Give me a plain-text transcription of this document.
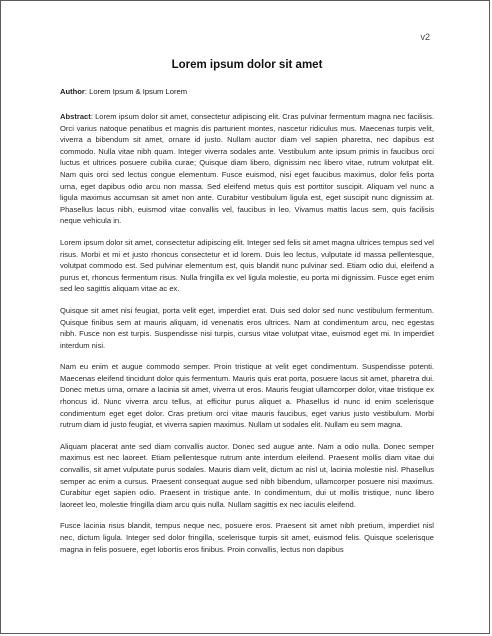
v2
Lorem ipsum dolor sit amet
Author: Lorem Ipsum & Ipsum Lorem

Abstract: Lorem ipsum dolor sit amet, consectetur adipiscing elit. Cras pulvinar fermentum magna nec facilisis. Orci varius natoque penatibus et magnis dis parturient montes, nascetur ridiculus mus. Maecenas turpis velit, viverra a bibendum sit amet, ornare id justo. Nullam auctor diam vel sapien pharetra, nec dapibus est commodo. Nulla vitae nibh quam. Integer viverra sodales ante. Vestibulum ante ipsum primis in faucibus orci luctus et ultrices posuere cubilia curae; Quisque diam libero, dignissim nec libero vitae, rutrum volutpat elit. Nam quis orci sed lectus congue elementum. Fusce euismod, nisi eget faucibus maximus, dolor felis porta urna, eget dapibus odio arcu non massa. Sed eleifend metus quis est porttitor suscipit. Aliquam vel nunc a ligula maximus accumsan sit amet non ante. Curabitur vestibulum ligula est, eget suscipit nunc dignissim at. Phasellus lacus nibh, euismod vitae convallis vel, faucibus in leo. Vivamus mattis lacus sem, quis facilisis neque vehicula in.

Lorem ipsum dolor sit amet, consectetur adipiscing elit. Integer sed felis sit amet magna ultrices tempus sed vel risus. Morbi et mi et justo rhoncus consectetur et id lorem. Duis leo lectus, vulputate id massa pellentesque, volutpat commodo est. Sed pulvinar elementum est, quis blandit nunc pulvinar sed. Etiam odio dui, eleifend a purus et, rhoncus fermentum risus. Nulla fringilla ex vel ligula molestie, eu porta mi dignissim. Fusce eget enim sed leo sagittis aliquam vitae ac ex.

Quisque sit amet nisi feugiat, porta velit eget, imperdiet erat. Duis sed dolor sed nunc vestibulum fermentum. Quisque finibus sem at mauris aliquam, id venenatis eros ultrices. Nam at condimentum arcu, nec egestas nibh. Fusce non est turpis. Suspendisse nisi turpis, cursus vitae volutpat vitae, euismod eget mi. In imperdiet interdum nisi.

Nam eu enim et augue commodo semper. Proin tristique at velit eget condimentum. Suspendisse potenti. Maecenas eleifend tincidunt dolor quis fermentum. Mauris quis erat porta, posuere lacus sit amet, pharetra dui. Donec metus urna, ornare a lacinia sit amet, viverra ut eros. Mauris feugiat ullamcorper dolor, vitae tristique ex rhoncus id. Nunc viverra arcu tellus, at efficitur purus aliquet a. Phasellus id nunc id enim scelerisque condimentum eget eget dolor. Cras pretium orci vitae mauris faucibus, eget varius justo vestibulum. Morbi rutrum diam id justo feugiat, et viverra sapien maximus. Nullam ut sodales elit. Nullam eu sem magna.

Aliquam placerat ante sed diam convallis auctor. Donec sed augue ante. Nam a odio nulla. Donec semper maximus est nec laoreet. Etiam pellentesque rutrum ante interdum eleifend. Praesent mollis diam vitae dui convallis, sit amet vulputate purus sodales. Mauris diam velit, dictum ac nisl ut, lacinia molestie nisl. Phasellus semper ac enim a cursus. Praesent consequat augue sed nibh bibendum, ullamcorper posuere nisi maximus. Curabitur eget sapien odio. Praesent in tristique ante. In condimentum, dui ut mollis tristique, nunc libero laoreet leo, molestie fringilla diam arcu quis nulla. Nullam sagittis ex nec iaculis eleifend.

Fusce lacinia risus blandit, tempus neque nec, posuere eros. Praesent sit amet nibh pretium, imperdiet nisl nec, dictum ligula. Integer sed dolor fringilla, scelerisque turpis sit amet, euismod felis. Quisque scelerisque magna in felis posuere, eget lobortis eros finibus. Proin convallis, lectus non dapibus
